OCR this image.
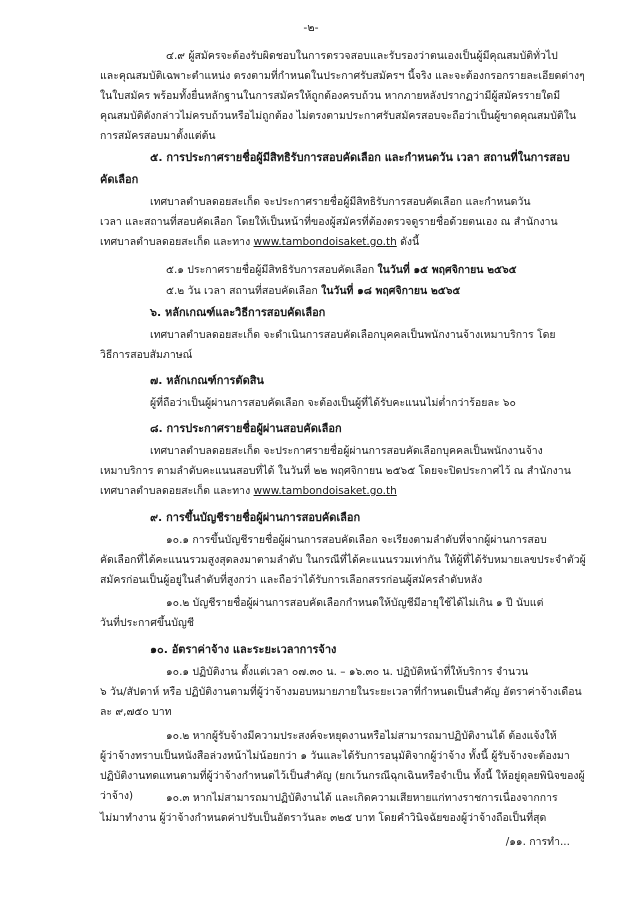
-๒-
๔.๙ ผู้สมัครจะต้องรับผิดชอบในการตรวจสอบและรับรองว่าตนเองเป็นผู้มีคุณสมบัติทั่วไป
และคุณสมบัติเฉพาะตำแหน่ง ตรงตามที่กำหนดในประกาศรับสมัครฯ นี้จริง และจะต้องกรอกรายละเอียดต่างๆ ในใบสมัคร พร้อมทั้งยื่นหลักฐานในการสมัครให้ถูกต้องครบถ้วน หากภายหลังปรากฏว่ามีผู้สมัครรายใดมีคุณสมบัติดังกล่าวไม่ครบถ้วนหรือไม่ถูกต้อง ไม่ตรงตามประกาศรับสมัครสอบจะถือว่าเป็นผู้ขาดคุณสมบัติในการสมัครสอบมาตั้งแต่ต้น
๕. การประกาศรายชื่อผู้มีสิทธิรับการสอบคัดเลือก และกำหนดวัน เวลา สถานที่ในการสอบ
คัดเลือก
เทศบาลตำบลดอยสะเก็ด จะประกาศรายชื่อผู้มีสิทธิรับการสอบคัดเลือก และกำหนดวัน
เวลา และสถานที่สอบคัดเลือก โดยให้เป็นหน้าที่ของผู้สมัครที่ต้องตรวจดูรายชื่อด้วยตนเอง ณ สำนักงานเทศบาลตำบลดอยสะเก็ด และทาง www.tambondoisaket.go.th ดังนี้
๕.๑ ประกาศรายชื่อผู้มีสิทธิรับการสอบคัดเลือก ในวันที่ ๑๕ พฤศจิกายน ๒๕๖๕
๕.๒ วัน เวลา สถานที่สอบคัดเลือก ในวันที่ ๑๘ พฤศจิกายน ๒๕๖๕
๖. หลักเกณฑ์และวิธีการสอบคัดเลือก
เทศบาลตำบลดอยสะเก็ด จะดำเนินการสอบคัดเลือกบุคคลเป็นพนักงานจ้างเหมาบริการ โดย
วิธีการสอบสัมภาษณ์
๗. หลักเกณฑ์การตัดสิน
ผู้ที่ถือว่าเป็นผู้ผ่านการสอบคัดเลือก จะต้องเป็นผู้ที่ได้รับคะแนนไม่ต่ำกว่าร้อยละ ๖๐
๘. การประกาศรายชื่อผู้ผ่านสอบคัดเลือก
เทศบาลตำบลดอยสะเก็ด จะประกาศรายชื่อผู้ผ่านการสอบคัดเลือกบุคคลเป็นพนักงานจ้าง
เหมาบริการ ตามลำดับคะแนนสอบที่ได้ ในวันที่ ๒๒ พฤศจิกายน ๒๕๖๕ โดยจะปิดประกาศไว้ ณ สำนักงานเทศบาลตำบลดอยสะเก็ด และทาง www.tambondoisaket.go.th
๙. การขึ้นบัญชีรายชื่อผู้ผ่านการสอบคัดเลือก
๑๐.๑ การขึ้นบัญชีรายชื่อผู้ผ่านการสอบคัดเลือก จะเรียงตามลำดับที่จากผู้ผ่านการสอบ
คัดเลือกที่ได้คะแนนรวมสูงสุดลงมาตามลำดับ ในกรณีที่ได้คะแนนรวมเท่ากัน ให้ผู้ที่ได้รับหมายเลขประจำตัวผู้สมัครก่อนเป็นผู้อยู่ในลำดับที่สูงกว่า และถือว่าได้รับการเลือกสรรก่อนผู้สมัครลำดับหลัง
๑๐.๒ บัญชีรายชื่อผู้ผ่านการสอบคัดเลือกกำหนดให้บัญชีมีอายุใช้ได้ไม่เกิน ๑ ปี นับแต่
วันที่ประกาศขึ้นบัญชี
๑๐. อัตราค่าจ้าง และระยะเวลาการจ้าง
๑๐.๑ ปฏิบัติงาน ตั้งแต่เวลา ๐๗.๓๐ น. – ๑๖.๓๐ น. ปฏิบัติหน้าที่ให้บริการ จำนวน
๖ วัน/สัปดาห์ หรือ ปฏิบัติงานตามที่ผู้ว่าจ้างมอบหมายภายในระยะเวลาที่กำหนดเป็นสำคัญ อัตราค่าจ้างเดือนละ ๙,๗๕๐ บาท
๑๐.๒ หากผู้รับจ้างมีความประสงค์จะหยุดงานหรือไม่สามารถมาปฏิบัติงานได้ ต้องแจ้งให้
ผู้ว่าจ้างทราบเป็นหนังสือล่วงหน้าไม่น้อยกว่า ๑ วันและได้รับการอนุมัติจากผู้ว่าจ้าง ทั้งนี้ ผู้รับจ้างจะต้องมาปฏิบัติงานทดแทนตามที่ผู้ว่าจ้างกำหนดไว้เป็นสำคัญ (ยกเว้นกรณีฉุกเฉินหรือจำเป็น ทั้งนี้ ให้อยู่ดุลยพินิจของผู้ว่าจ้าง)	๑๐.๓ หากไม่สามารถมาปฏิบัติงานได้ และเกิดความเสียหายแก่ทางราชการเนื่องจากการ
ไม่มาทำงาน ผู้ว่าจ้างกำหนดค่าปรับเป็นอัตราวันละ ๓๒๕ บาท โดยคำวินิจฉัยของผู้ว่าจ้างถือเป็นที่สุด
/๑๑. การทำ...
